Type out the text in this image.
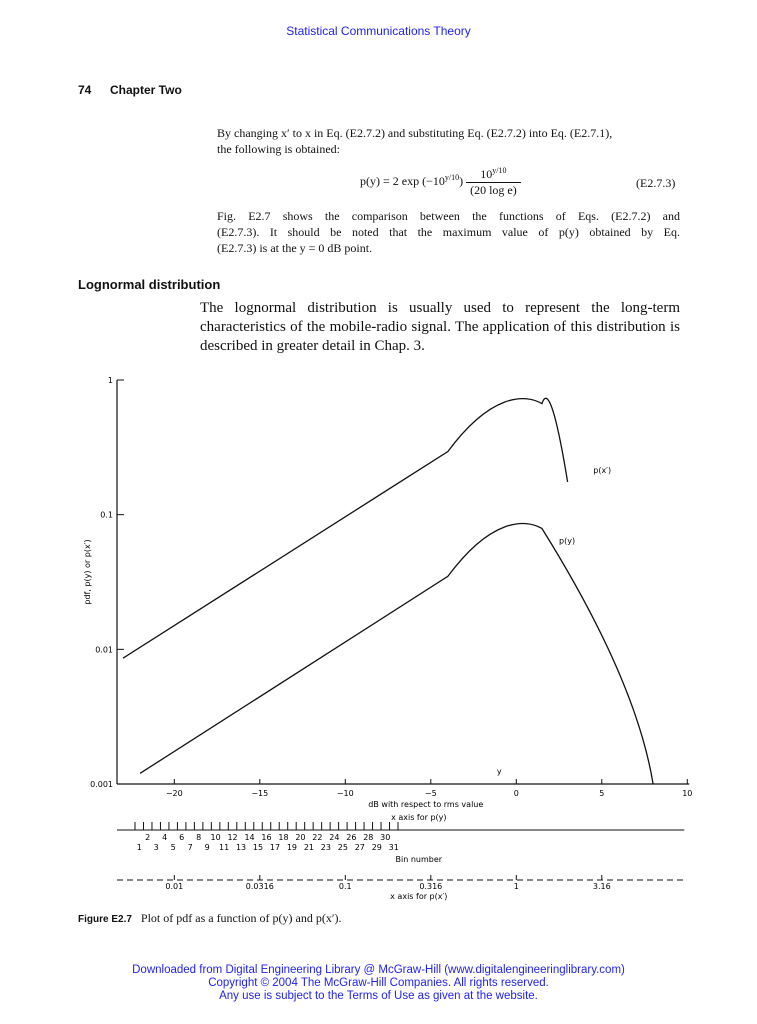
Statistical Communications Theory
74 Chapter Two
By changing x′ to x in Eq. (E2.7.2) and substituting Eq. (E2.7.2) into Eq. (E2.7.1),
the following is obtained:
p(y) = 2 $\exp (-10^{y/10}) \frac{10^{y/10}}{\text{(20 log e)}}$	(E2.7.3)
Fig. E2.7 shows the comparison between the functions of Eqs. (E2.7.2) and
(E2.7.3). It should be noted that the maximum value of p(y) obtained by Eq.
(E2.7.3) is at the y = 0 dB point.
Lognormal distribution
The lognormal distribution is usually used to represent the long-term characteristics of the mobile-radio signal. The application of this distribution is described in greater detail in Chap. 3.
1
0.1
0.01
0.001
pdf, p(y) or p(x′)
−20	−15	−10	−5	0	5	10
dB with respect to rms value
y
p(x′)
p(y)
x axis for p(y)
2 4 6 8 10 12 14 16 18 20 22 24 26 28 30
1 3 5 7 9 11 13 15 17 19 21 23 25 27 29 31
Bin number
0.01	0.0316	0.1	0.316	1	3.16
x axis for p(x′)
Figure E2.7 Plot of pdf as a function of p(y) and p(x′).
Downloaded from Digital Engineering Library @ McGraw-Hill (www.digitalengineeringlibrary.com)
Copyright © 2004 The McGraw-Hill Companies. All rights reserved.
Any use is subject to the Terms of Use as given at the website.
